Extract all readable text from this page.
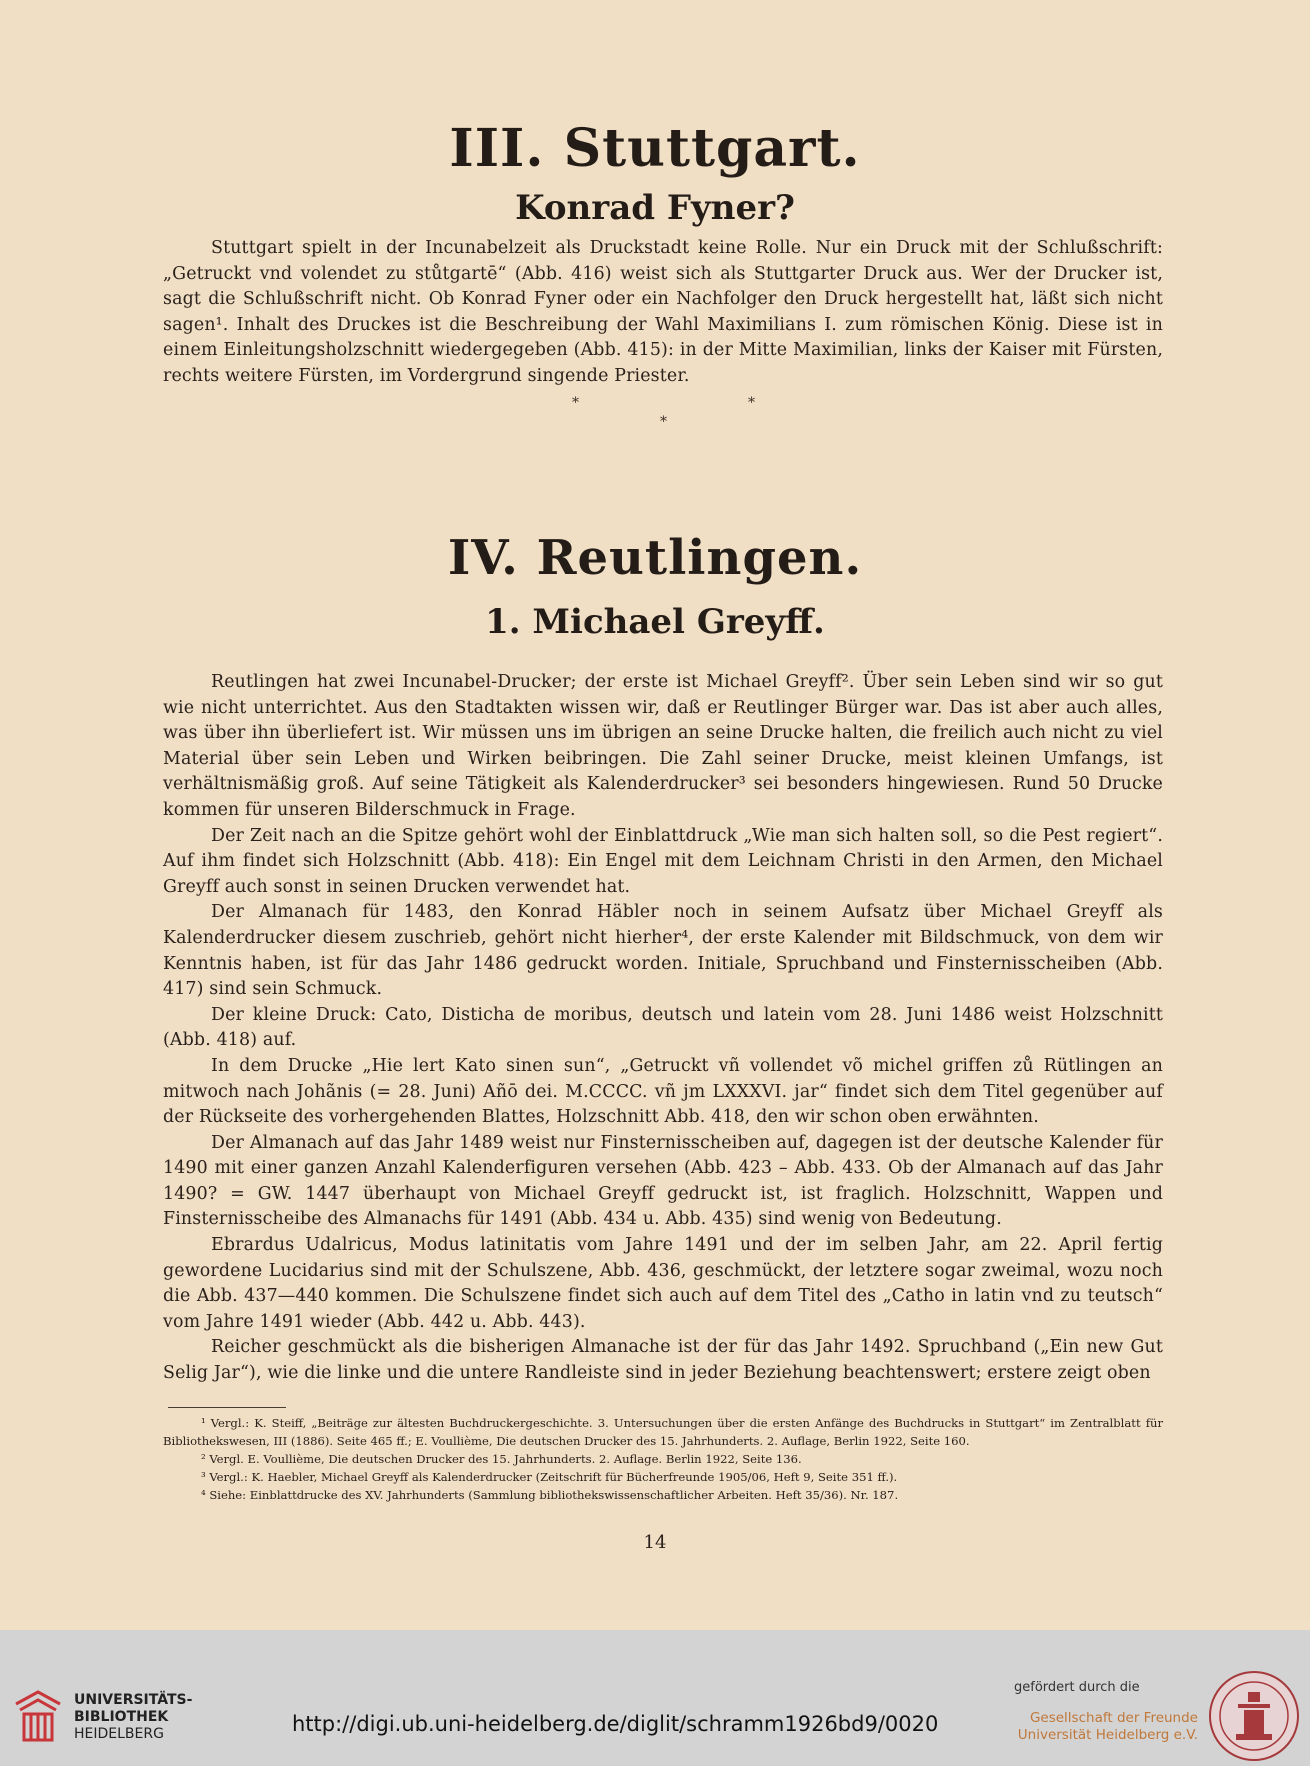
III. Stuttgart.
Konrad Fyner?

Stuttgart spielt in der Incunabelzeit als Druckstadt keine Rolle. Nur ein Druck mit der Schlußschrift: „Getruckt vnd volendet zu stůtgartē“ (Abb. 416) weist sich als Stuttgarter Druck aus. Wer der Drucker ist, sagt die Schlußschrift nicht. Ob Konrad Fyner oder ein Nachfolger den Druck hergestellt hat, läßt sich nicht sagen¹. Inhalt des Druckes ist die Beschreibung der Wahl Maximilians I. zum römischen König. Diese ist in einem Einleitungsholzschnitt wiedergegeben (Abb. 415): in der Mitte Maximilian, links der Kaiser mit Fürsten, rechts weitere Fürsten, im Vordergrund singende Priester.

*	*
*
IV. Reutlingen.
1. Michael Greyff.

Reutlingen hat zwei Incunabel-Drucker; der erste ist Michael Greyff². Über sein Leben sind wir so gut wie nicht unterrichtet. Aus den Stadtakten wissen wir, daß er Reutlinger Bürger war. Das ist aber auch alles, was über ihn überliefert ist. Wir müssen uns im übrigen an seine Drucke halten, die freilich auch nicht zu viel Material über sein Leben und Wirken beibringen. Die Zahl seiner Drucke, meist kleinen Umfangs, ist verhältnismäßig groß. Auf seine Tätigkeit als Kalenderdrucker³ sei besonders hingewiesen. Rund 50 Drucke kommen für unseren Bilderschmuck in Frage.

Der Zeit nach an die Spitze gehört wohl der Einblattdruck „Wie man sich halten soll, so die Pest regiert“. Auf ihm findet sich Holzschnitt (Abb. 418): Ein Engel mit dem Leichnam Christi in den Armen, den Michael Greyff auch sonst in seinen Drucken verwendet hat.

Der Almanach für 1483, den Konrad Häbler noch in seinem Aufsatz über Michael Greyff als Kalenderdrucker diesem zuschrieb, gehört nicht hierher⁴, der erste Kalender mit Bildschmuck, von dem wir Kenntnis haben, ist für das Jahr 1486 gedruckt worden. Initiale, Spruchband und Finsternisscheiben (Abb. 417) sind sein Schmuck.

Der kleine Druck: Cato, Disticha de moribus, deutsch und latein vom 28. Juni 1486 weist Holzschnitt (Abb. 418) auf.

In dem Drucke „Hie lert Kato sinen sun“, „Getruckt vñ vollendet võ michel griffen zů Rütlingen an mitwoch nach Johãnis (= 28. Juni) Añō dei. M.CCCC. vñ jm LXXXVI. jar“ findet sich dem Titel gegenüber auf der Rückseite des vorhergehenden Blattes, Holzschnitt Abb. 418, den wir schon oben erwähnten.

Der Almanach auf das Jahr 1489 weist nur Finsternisscheiben auf, dagegen ist der deutsche Kalender für 1490 mit einer ganzen Anzahl Kalenderfiguren versehen (Abb. 423 – Abb. 433. Ob der Almanach auf das Jahr 1490? = GW. 1447 überhaupt von Michael Greyff gedruckt ist, ist fraglich. Holzschnitt, Wappen und Finsternisscheibe des Almanachs für 1491 (Abb. 434 u. Abb. 435) sind wenig von Bedeutung.

Ebrardus Udalricus, Modus latinitatis vom Jahre 1491 und der im selben Jahr, am 22. April fertig gewordene Lucidarius sind mit der Schulszene, Abb. 436, geschmückt, der letztere sogar zweimal, wozu noch die Abb. 437—440 kommen. Die Schulszene findet sich auch auf dem Titel des „Catho in latin vnd zu teutsch“ vom Jahre 1491 wieder (Abb. 442 u. Abb. 443).

Reicher geschmückt als die bisherigen Almanache ist der für das Jahr 1492. Spruchband („Ein new Gut Selig Jar“), wie die linke und die untere Randleiste sind in jeder Beziehung beachtenswert; erstere zeigt oben

¹ Vergl.: K. Steiff, „Beiträge zur ältesten Buchdruckergeschichte. 3. Untersuchungen über die ersten Anfänge des Buchdrucks in Stuttgart“ im Zentralblatt für Bibliothekswesen, III (1886). Seite 465 ff.; E. Voullième, Die deutschen Drucker des 15. Jahrhunderts. 2. Auflage, Berlin 1922, Seite 160.

² Vergl. E. Voullième, Die deutschen Drucker des 15. Jahrhunderts. 2. Auflage. Berlin 1922, Seite 136.

³ Vergl.: K. Haebler, Michael Greyff als Kalenderdrucker (Zeitschrift für Bücherfreunde 1905/06, Heft 9, Seite 351 ff.).

⁴ Siehe: Einblattdrucke des XV. Jahrhunderts (Sammlung bibliothekswissenschaftlicher Arbeiten. Heft 35/36). Nr. 187.

14
UNIVERSITÄTS-
BIBLIOTHEK
HEIDELBERG	http://digi.ub.uni-heidelberg.de/diglit/schramm1926bd9/0020
gefördert durch die
Gesellschaft der Freunde
Universität Heidelberg e.V.
